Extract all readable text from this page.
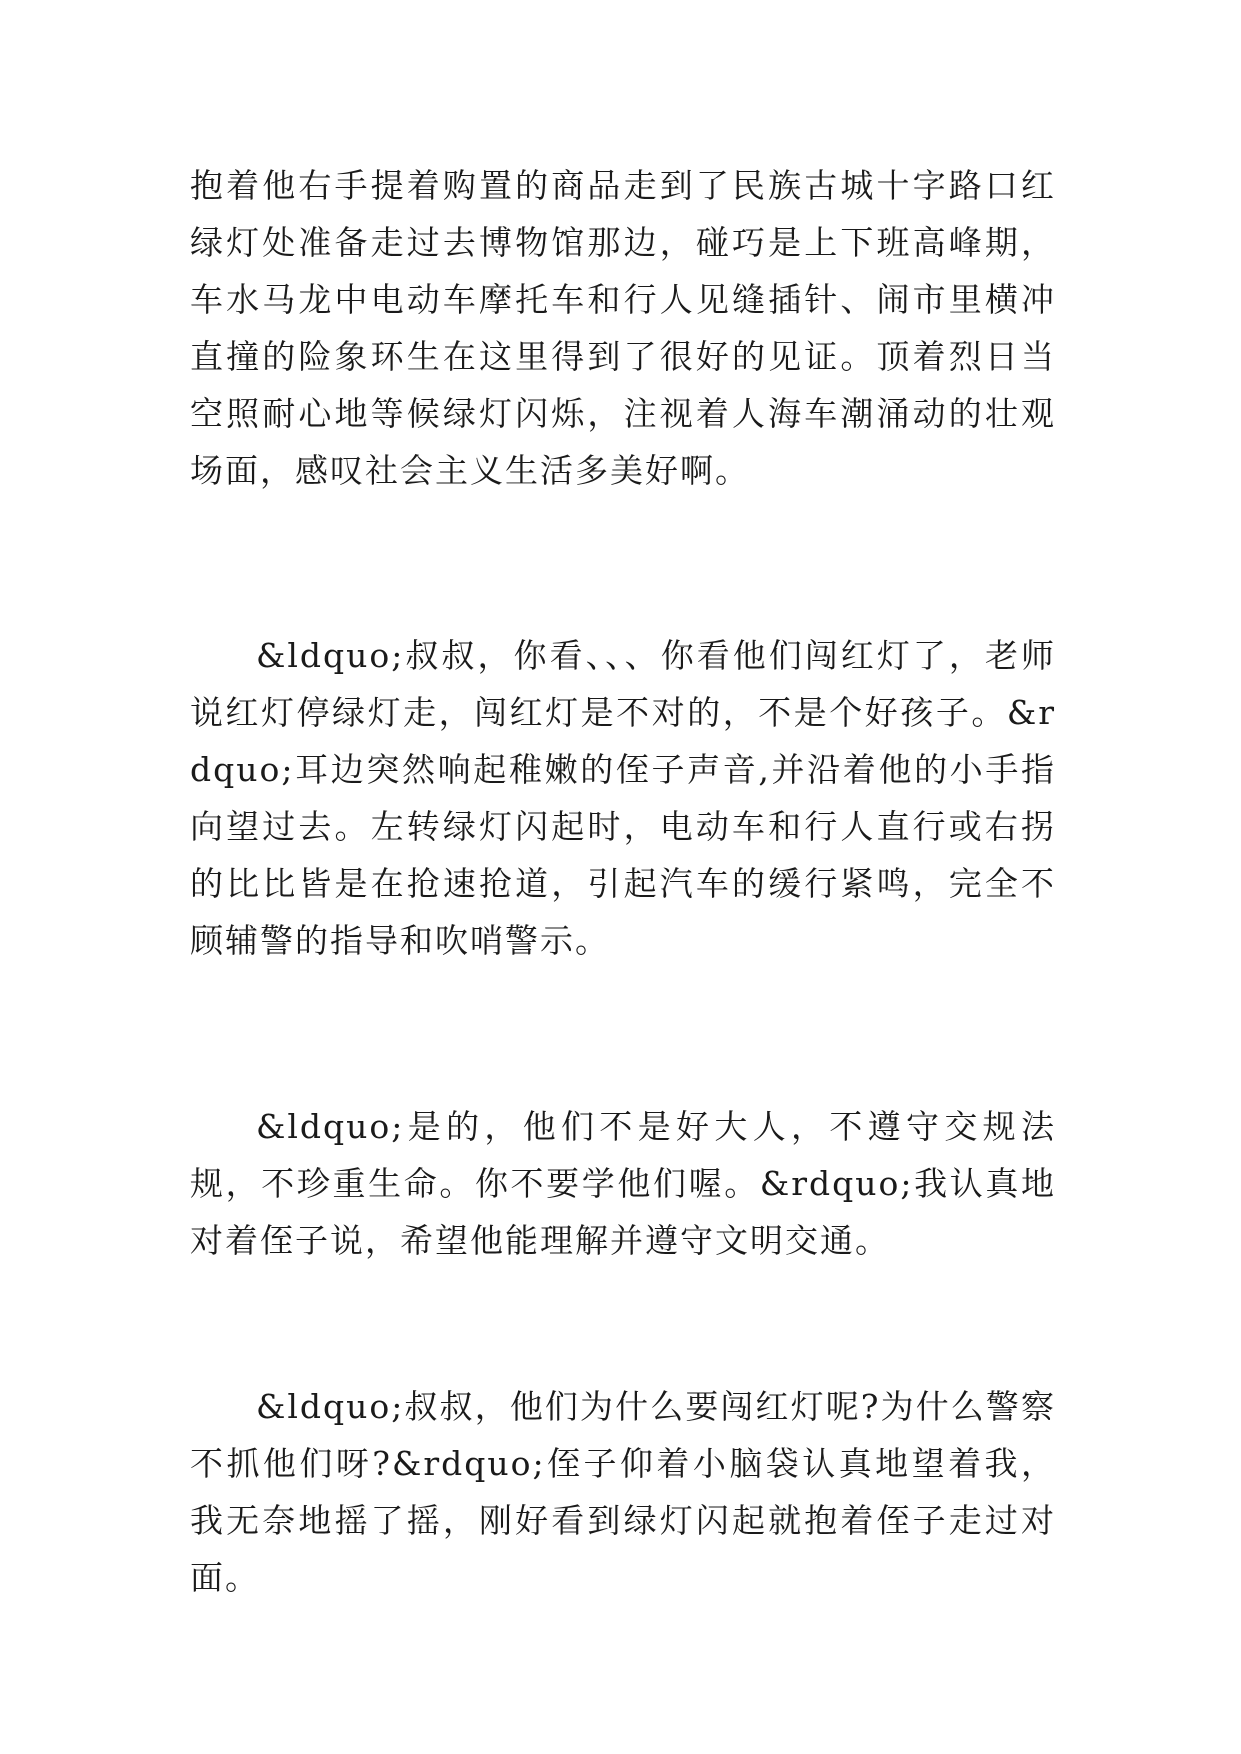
抱着他右手提着购置的商品走到了民族古城十字路口红绿灯处准备走过去博物馆那边，碰巧是上下班高峰期，车水马龙中电动车摩托车和行人见缝插针、闹市里横冲直撞的险象环生在这里得到了很好的见证。顶着烈日当空照耐心地等候绿灯闪烁，注视着人海车潮涌动的壮观场面，感叹社会主义生活多美好啊。

&ldquo;叔叔，你看、、、你看他们闯红灯了，老师说红灯停绿灯走，闯红灯是不对的，不是个好孩子。&rdquo;耳边突然响起稚嫩的侄子声音,并沿着他的小手指向望过去。左转绿灯闪起时，电动车和行人直行或右拐的比比皆是在抢速抢道，引起汽车的缓行紧鸣，完全不顾辅警的指导和吹哨警示。

&ldquo;是的，他们不是好大人，不遵守交规法规，不珍重生命。你不要学他们喔。&rdquo;我认真地对着侄子说，希望他能理解并遵守文明交通。

&ldquo;叔叔，他们为什么要闯红灯呢?为什么警察不抓他们呀?&rdquo;侄子仰着小脑袋认真地望着我，我无奈地摇了摇，刚好看到绿灯闪起就抱着侄子走过对面。
